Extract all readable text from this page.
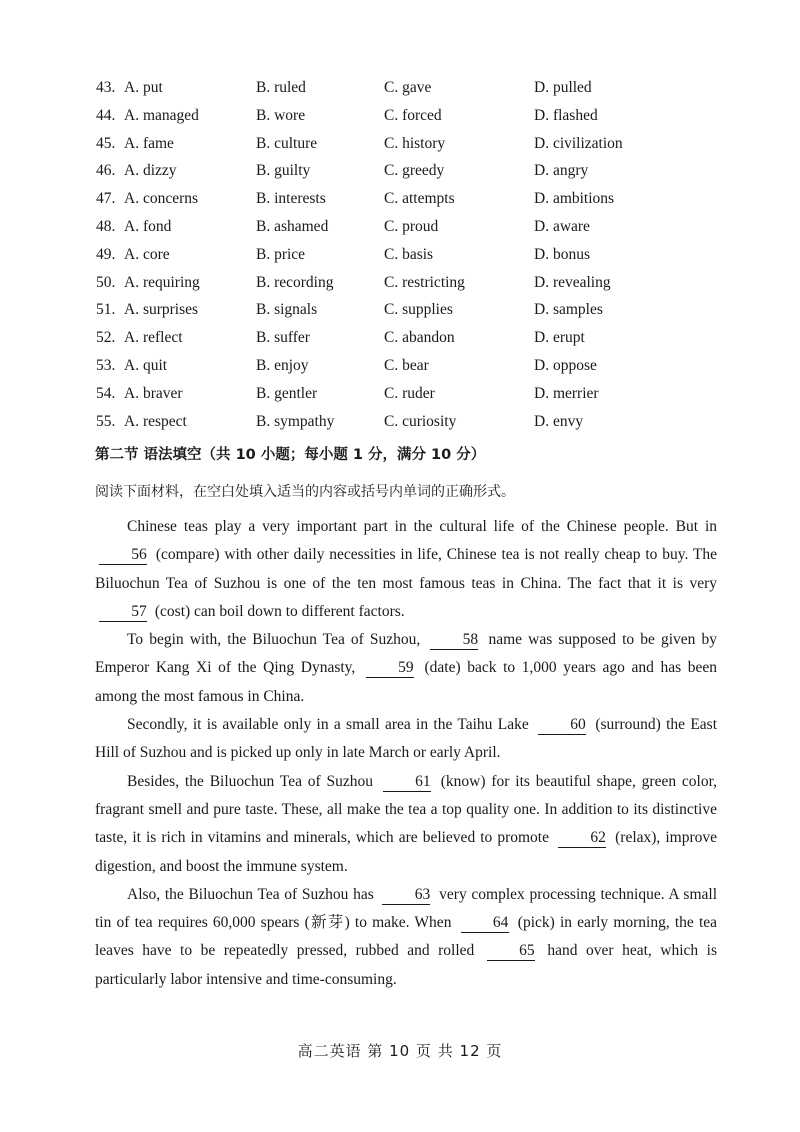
43. A. put	B. ruled	C. gave	D. pulled
44. A. managed	B. wore	C. forced	D. flashed
45. A. fame	B. culture	C. history	D. civilization
46. A. dizzy	B. guilty	C. greedy	D. angry
47. A. concerns	B. interests	C. attempts	D. ambitions
48. A. fond	B. ashamed	C. proud	D. aware
49. A. core	B. price	C. basis	D. bonus
50. A. requiring	B. recording	C. restricting	D. revealing
51. A. surprises	B. signals	C. supplies	D. samples
52. A. reflect	B. suffer	C. abandon	D. erupt
53. A. quit	B. enjoy	C. bear	D. oppose
54. A. braver	B. gentler	C. ruder	D. merrier
55. A. respect	B. sympathy	C. curiosity	D. envy
第二节 语法填空（共 10 小题；每小题 1 分，满分 10 分）
阅读下面材料，在空白处填入适当的内容或括号内单词的正确形式。

Chinese teas play a very important part in the cultural life of the Chinese people. But in 56 (compare) with other daily necessities in life, Chinese tea is not really cheap to buy. The Biluochun Tea of Suzhou is one of the ten most famous teas in China. The fact that it is very 57 (cost) can boil down to different factors.

To begin with, the Biluochun Tea of Suzhou,	58 name was supposed to be given by Emperor Kang Xi of the Qing Dynasty,	59 (date) back to 1,000 years ago and has been among the most famous in China.

Secondly, it is available only in a small area in the Taihu Lake	60 (surround) the East Hill of Suzhou and is picked up only in late March or early April.

Besides, the Biluochun Tea of Suzhou	61 (know) for its beautiful shape, green color, fragrant smell and pure taste. These, all make the tea a top quality one. In addition to its distinctive taste, it is rich in vitamins and minerals, which are believed to promote	62 (relax), improve digestion, and boost the immune system.

Also, the Biluochun Tea of Suzhou has	63 very complex processing technique. A small tin of tea requires 60,000 spears (新芽) to make. When	64 (pick) in early morning, the tea leaves have to be repeatedly pressed, rubbed and rolled	65 hand over heat, which is particularly labor intensive and time-consuming.

高二英语 第 10 页 共 12 页
